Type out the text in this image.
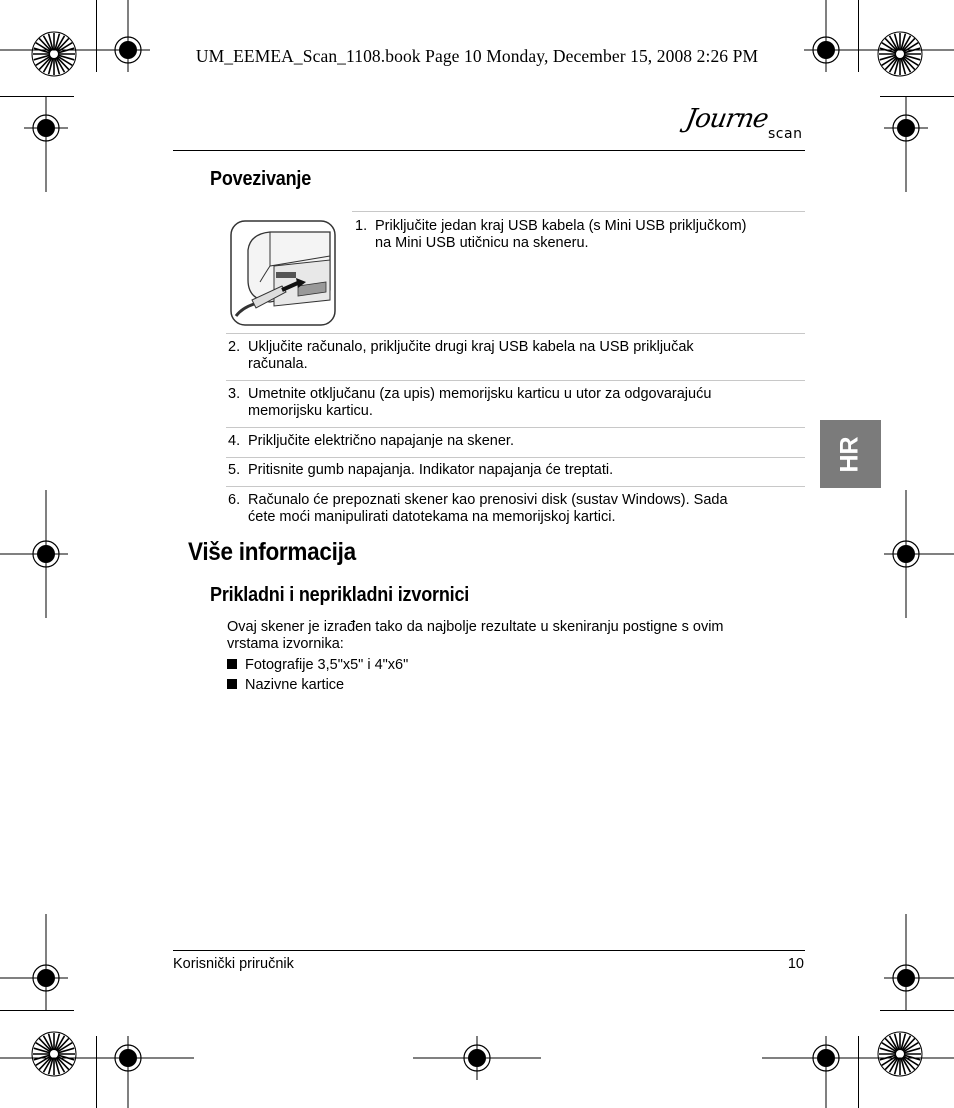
UM_EEMEA_Scan_1108.book Page 10 Monday, December 15, 2008 2:26 PM
Journe
scan
Povezivanje
1. Priključite jedan kraj USB kabela (s Mini USB priključkom)
na Mini USB utičnicu na skeneru.
2. Uključite računalo, priključite drugi kraj USB kabela na USB priključak
računala.
3. Umetnite otključanu (za upis) memorijsku karticu u utor za odgovarajuću
memorijsku karticu.
4. Priključite električno napajanje na skener.
5. Pritisnite gumb napajanja. Indikator napajanja će treptati.
6. Računalo će prepoznati skener kao prenosivi disk (sustav Windows). Sada
ćete moći manipulirati datotekama na memorijskoj kartici.
Više informacija
Prikladni i neprikladni izvornici
Ovaj skener je izrađen tako da najbolje rezultate u skeniranju postigne s ovim
vrstama izvornika:
Fotografije 3,5"x5" i 4"x6"
Nazivne kartice
HR
Korisnički priručnik	10
